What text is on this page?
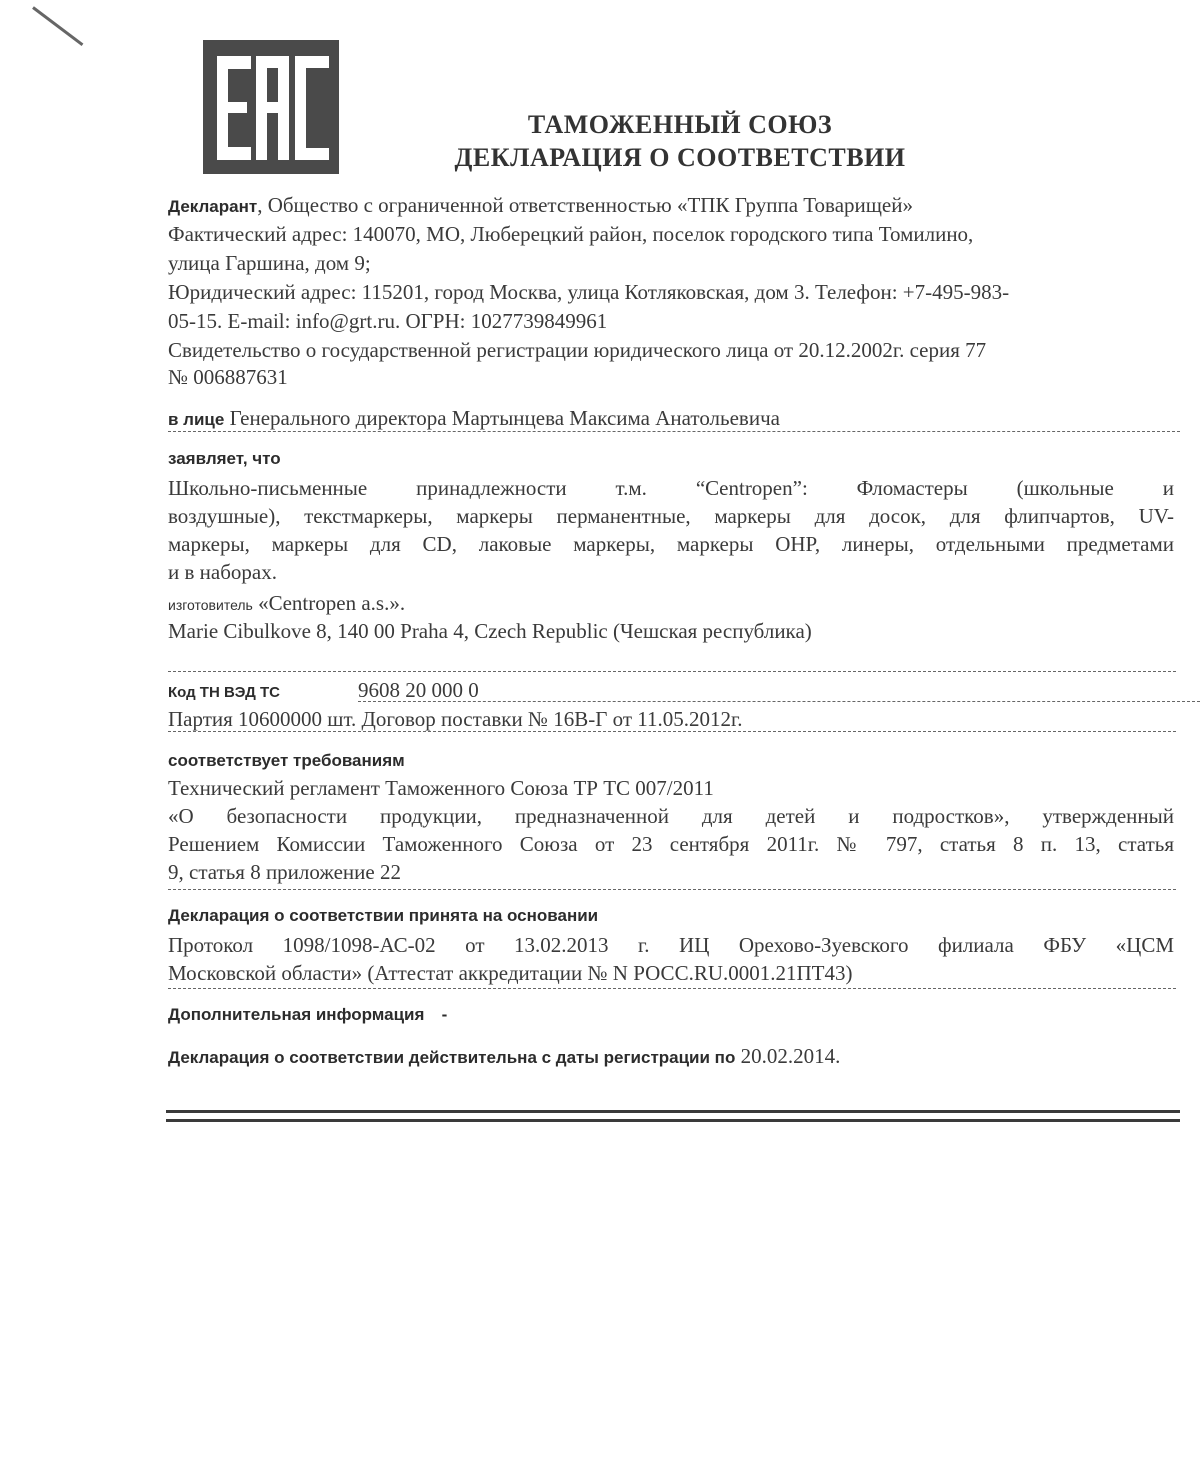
ТАМОЖЕННЫЙ СОЮЗ
ДЕКЛАРАЦИЯ О СООТВЕТСТВИИ
Декларант, Общество с ограниченной ответственностью «ТПК Группа Товарищей»
Фактический адрес: 140070, МО, Люберецкий район, поселок городского типа Томилино,
улица Гаршина, дом 9;
Юридический адрес: 115201, город Москва, улица Котляковская, дом 3. Телефон: +7-495-983-
05-15. E-mail: info@grt.ru. ОГРН: 1027739849961
Свидетельство о государственной регистрации юридического лица от 20.12.2002г. серия 77
№ 006887631
в лице Генерального директора Мартынцева Максима Анатольевича
заявляет, что
Школьно-письменные принадлежности т.м. “Centropen”: Фломастеры (школьные и
воздушные), текстмаркеры, маркеры перманентные, маркеры для досок, для флипчартов, UV-
маркеры, маркеры для CD, лаковые маркеры, маркеры OHP, линеры, отдельными предметами
и в наборах.
изготовитель «Centropen a.s.».
Marie Cibulkove 8, 140 00 Praha 4, Czech Republic (Чешская республика)
Код ТН ВЭД ТС	9608 20 000 0
Партия 10600000 шт. Договор поставки № 16В-Г от 11.05.2012г.
соответствует требованиям
Технический регламент Таможенного Союза ТР ТС 007/2011
«О безопасности продукции, предназначенной для детей и подростков», утвержденный
Решением Комиссии Таможенного Союза от 23 сентября 2011г. № 797, статья 8 п. 13, статья
9, статья 8 приложение 22
Декларация о соответствии принята на основании
Протокол 1098/1098-АС-02 от 13.02.2013 г. ИЦ Орехово-Зуевского филиала ФБУ «ЦСМ
Московской области» (Аттестат аккредитации № N РОСС.RU.0001.21ПТ43)
Дополнительная информация -
Декларация о соответствии действительна с даты регистрации по 20.02.2014.
